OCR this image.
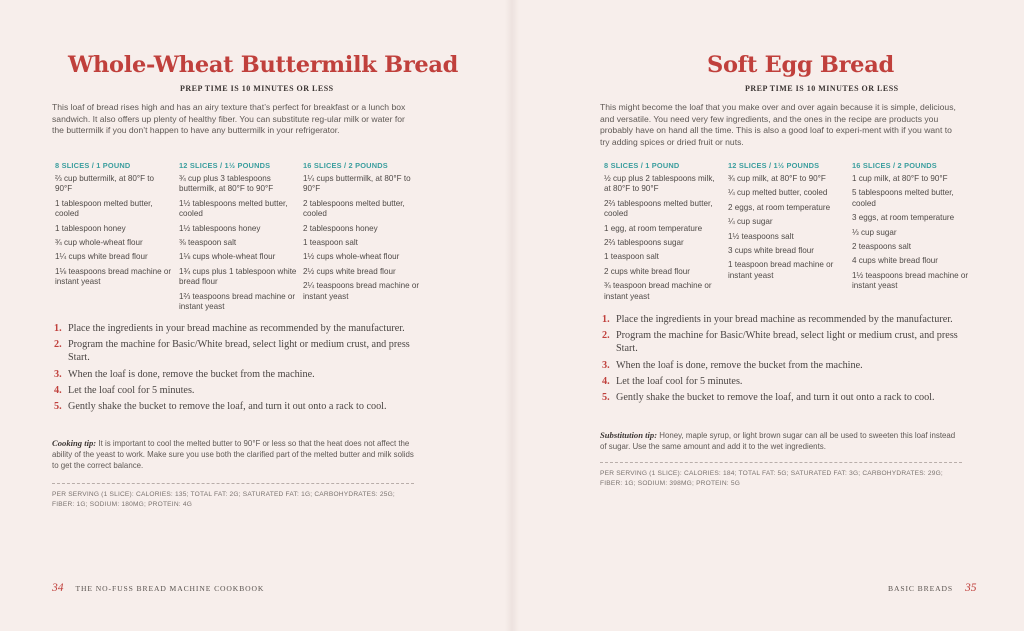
Whole-Wheat Buttermilk Bread
PREP TIME IS 10 MINUTES OR LESS

This loaf of bread rises high and has an airy texture that’s perfect for breakfast or a lunch box sandwich. It also offers up plenty of healthy fiber. You can substitute reg-ular milk or water for the buttermilk if you don’t happen to have any buttermilk in your refrigerator.

8 SLICES / 1 POUND
⅔ cup buttermilk, at 80°F to 90°F
1 tablespoon melted butter, cooled
1 tablespoon honey
¾ cup whole-wheat flour
1¼ cups white bread flour
1⅛ teaspoons bread machine or instant yeast
12 SLICES / 1½ POUNDS
¾ cup plus 3 tablespoons buttermilk, at 80°F to 90°F
1½ tablespoons melted butter, cooled
1½ tablespoons honey
⅜ teaspoon salt
1⅛ cups whole-wheat flour
1¾ cups plus 1 tablespoon white bread flour
1⅔ teaspoons bread machine or instant yeast
16 SLICES / 2 POUNDS
1¼ cups buttermilk, at 80°F to 90°F
2 tablespoons melted butter, cooled
2 tablespoons honey
1 teaspoon salt
1½ cups whole-wheat flour
2½ cups white bread flour
2¼ teaspoons bread machine or instant yeast
1. Place the ingredients in your bread machine as recommended by the manufacturer.
2. Program the machine for Basic/White bread, select light or medium crust, and press Start.
3. When the loaf is done, remove the bucket from the machine.
4. Let the loaf cool for 5 minutes.
5. Gently shake the bucket to remove the loaf, and turn it out onto a rack to cool.

Cooking tip: It is important to cool the melted butter to 90°F or less so that the heat does not affect the ability of the yeast to work. Make sure you use both the clarified part of the melted butter and milk solids to get the correct balance.

PER SERVING (1 SLICE): CALORIES: 135; TOTAL FAT: 2G; SATURATED FAT: 1G; CARBOHYDRATES: 25G; FIBER: 1G; SODIUM: 180MG; PROTEIN: 4G

34 THE NO-FUSS BREAD MACHINE COOKBOOK
Soft Egg Bread
PREP TIME IS 10 MINUTES OR LESS

This might become the loaf that you make over and over again because it is simple, delicious, and versatile. You need very few ingredients, and the ones in the recipe are products you probably have on hand all the time. This is also a good loaf to experi-ment with if you want to try adding spices or dried fruit or nuts.

8 SLICES / 1 POUND
½ cup plus 2 tablespoons milk, at 80°F to 90°F
2⅔ tablespoons melted butter, cooled
1 egg, at room temperature
2⅔ tablespoons sugar
1 teaspoon salt
2 cups white bread flour
¾ teaspoon bread machine or instant yeast
12 SLICES / 1½ POUNDS
¾ cup milk, at 80°F to 90°F
¼ cup melted butter, cooled
2 eggs, at room temperature
¼ cup sugar
1½ teaspoons salt
3 cups white bread flour
1 teaspoon bread machine or instant yeast
16 SLICES / 2 POUNDS
1 cup milk, at 80°F to 90°F
5 tablespoons melted butter, cooled
3 eggs, at room temperature
⅓ cup sugar
2 teaspoons salt
4 cups white bread flour
1½ teaspoons bread machine or instant yeast
1. Place the ingredients in your bread machine as recommended by the manufacturer.
2. Program the machine for Basic/White bread, select light or medium crust, and press Start.
3. When the loaf is done, remove the bucket from the machine.
4. Let the loaf cool for 5 minutes.
5. Gently shake the bucket to remove the loaf, and turn it out onto a rack to cool.

Substitution tip: Honey, maple syrup, or light brown sugar can all be used to sweeten this loaf instead of sugar. Use the same amount and add it to the wet ingredients.

PER SERVING (1 SLICE): CALORIES: 184; TOTAL FAT: 5G; SATURATED FAT: 3G; CARBOHYDRATES: 29G; FIBER: 1G; SODIUM: 398MG; PROTEIN: 5G

BASIC BREADS 35
